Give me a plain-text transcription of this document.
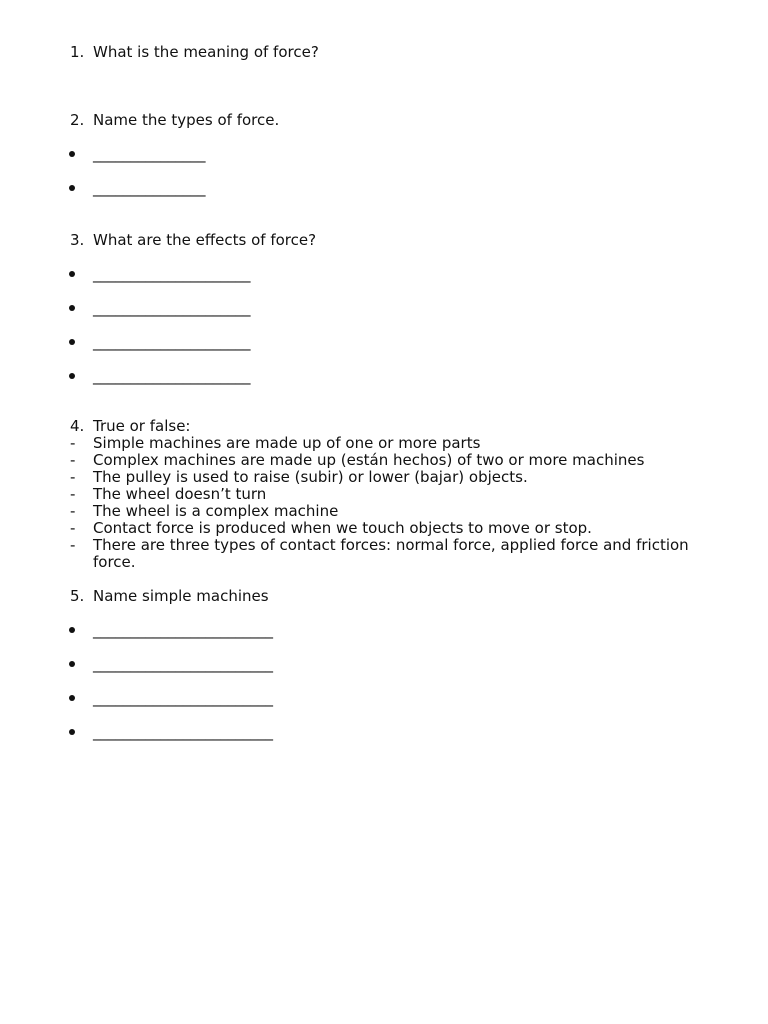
1. What is the meaning of force?
2. Name the types of force.
_______________
_______________
3. What are the effects of force?
_____________________
_____________________
_____________________
_____________________
4. True or false:
- Simple machines are made up of one or more parts
- Complex machines are made up (están hechos) of two or more machines
- The pulley is used to raise (subir) or lower (bajar) objects.
- The wheel doesn’t turn
- The wheel is a complex machine
- Contact force is produced when we touch objects to move or stop.
- There are three types of contact forces: normal force, applied force and friction force.
5. Name simple machines
________________________
________________________
________________________
________________________
